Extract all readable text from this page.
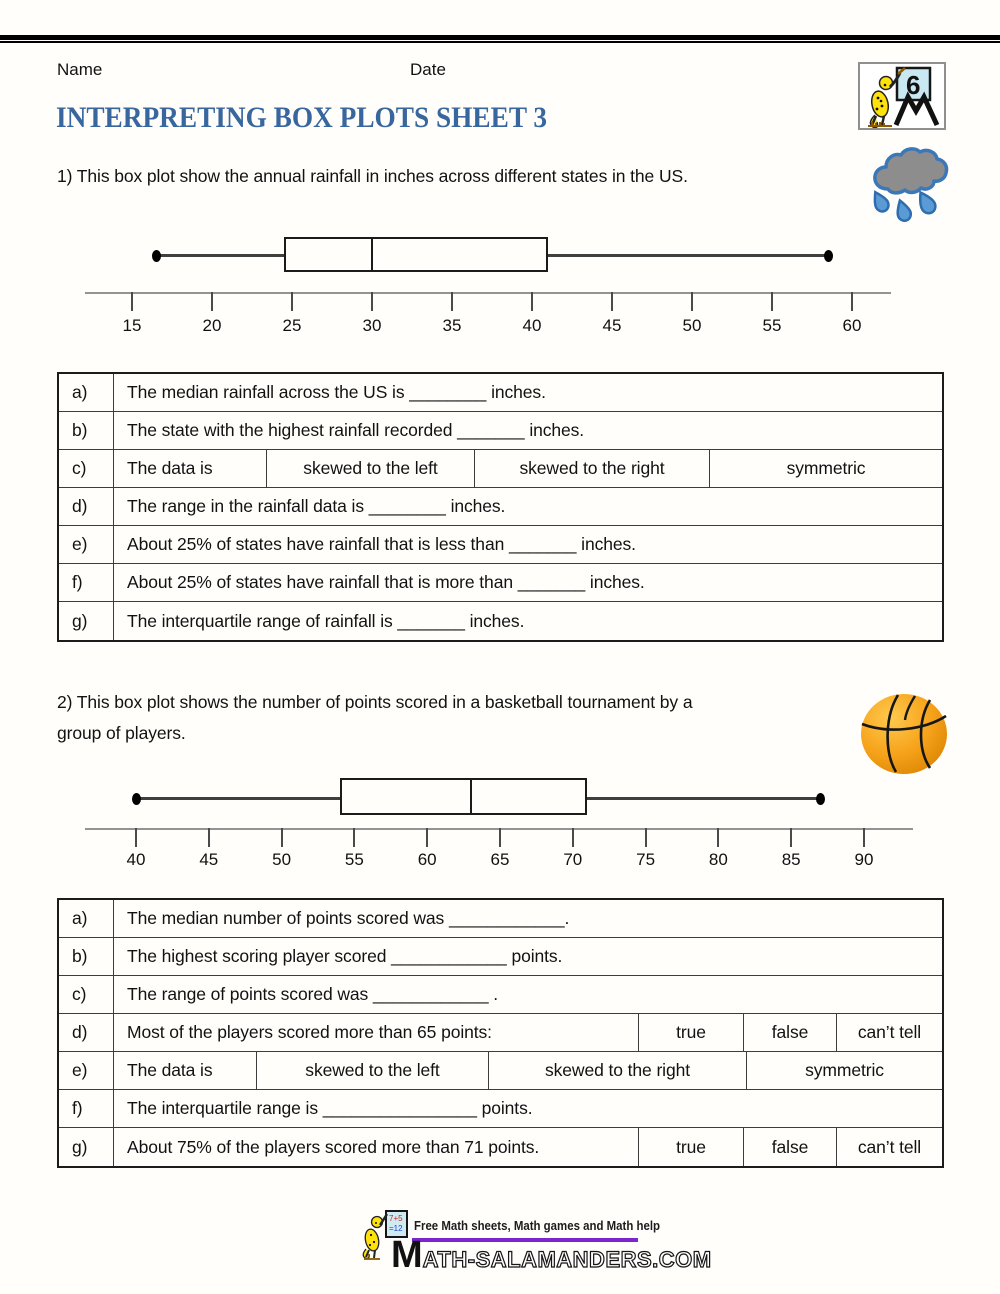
Name	Date
6
INTERPRETING BOX PLOTS SHEET 3
1) This box plot show the annual rainfall in inches across different states in the US.
15	20	25	30	35	40	45	50	55	60
a)	The median rainfall across the US is ________ inches.
b)	The state with the highest rainfall recorded _______ inches.
c)	The data is	skewed to the left	skewed to the right	symmetric
d)	The range in the rainfall data is ________ inches.
e)	About 25% of states have rainfall that is less than _______ inches.
f)	About 25% of states have rainfall that is more than _______ inches.
g)	The interquartile range of rainfall is _______ inches.
2) This box plot shows the number of points scored in a basketball tournament by a
group of players.
40	45	50	55	60	65	70	75	80	85	90
a)	The median number of points scored was ____________.
b)	The highest scoring player scored ____________ points.
c)	The range of points scored was ____________ .
d)	Most of the players scored more than 65 points:	true	false	can’t tell
e)	The data is	skewed to the left	skewed to the right	symmetric
f)	The interquartile range is ________________ points.
g)	About 75% of the players scored more than 71 points.	true	false	can’t tell
7+5
=12 Free Math sheets, Math games and Math help
M ATH-SALAMANDERS.COM
